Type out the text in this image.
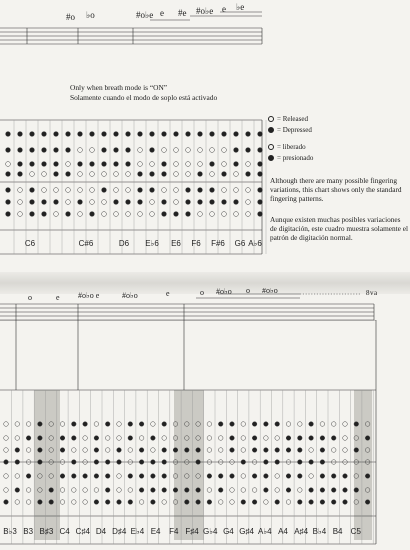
#o ♭o	#o♭e e #e #o♭e e ♭e
Only when breath mode is “ON”
Solamente cuando el modo de soplo está activado
C6	C#6	D6 E♭6 E6 F6 F#6 G6 A♭6
= Released
= Depressed
= liberado
= presionado
Although there are many possible fingering variations, this chart shows only the standard fingering patterns.
Aunque existen muchas posibles variaciones de digitación, este cuadro muestra solamente el patrón de digitación normal.
o	e #o♭o e	#o♭o	e	o #o♭o o #o♭o	8va
B♭3 B3 B♯3 C4 C♯4 D4 D♯4 E♭4 E4 F4 F♯4 G♭4 G4 G♯4 A♭4 A4 A♯4 B♭4 B4 C5
